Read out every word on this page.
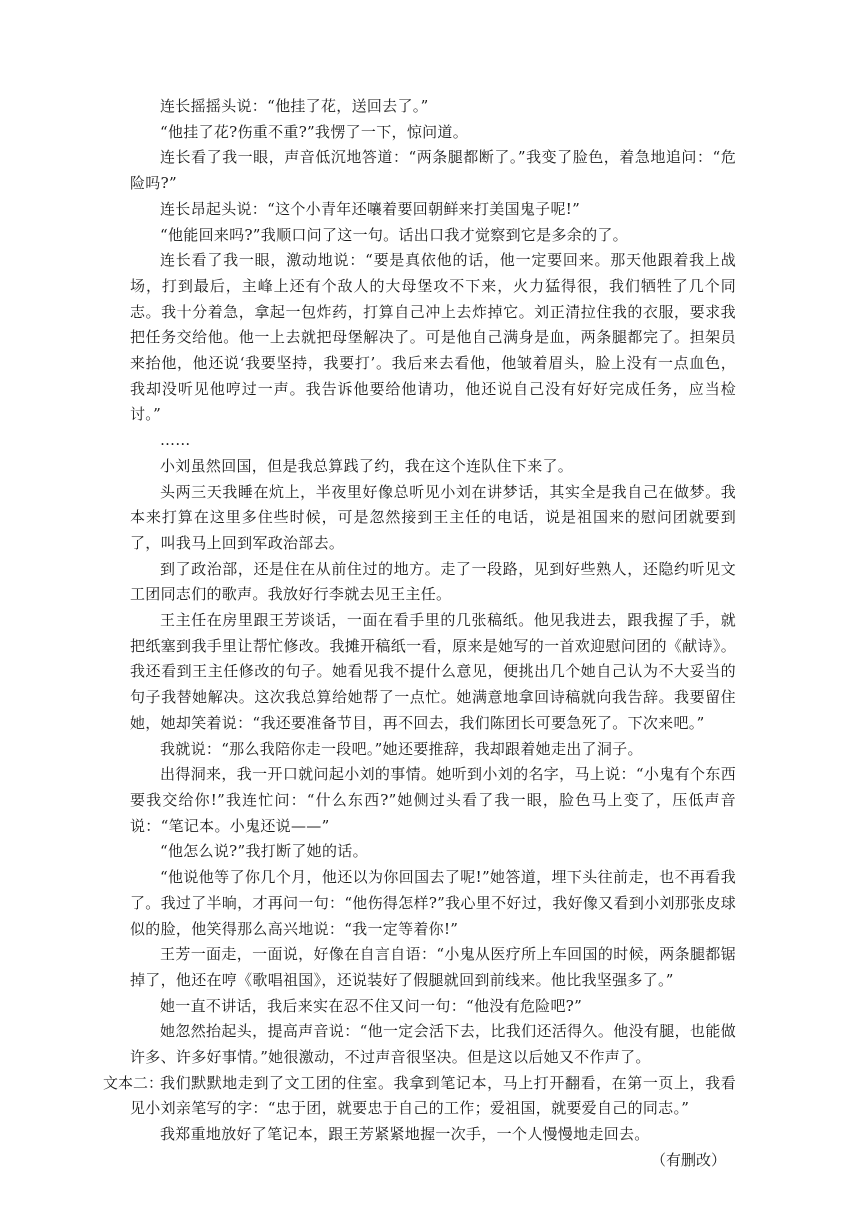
连长摇摇头说：“他挂了花，送回去了。”

“他挂了花?伤重不重?”我愣了一下，惊问道。

连长看了我一眼，声音低沉地答道：“两条腿都断了。”我变了脸色，着急地追问：“危险吗?”

连长昂起头说：“这个小青年还嚷着要回朝鲜来打美国鬼子呢!”

“他能回来吗?”我顺口问了这一句。话出口我才觉察到它是多余的了。

连长看了我一眼，激动地说：“要是真依他的话，他一定要回来。那天他跟着我上战场，打到最后，主峰上还有个敌人的大母堡攻不下来，火力猛得很，我们牺牲了几个同志。我十分着急，拿起一包炸药，打算自己冲上去炸掉它。刘正清拉住我的衣服，要求我把任务交给他。他一上去就把母堡解决了。可是他自己满身是血，两条腿都完了。担架员来抬他，他还说‘我要坚持，我要打’。我后来去看他，他皱着眉头，脸上没有一点血色，我却没听见他哼过一声。我告诉他要给他请功，他还说自己没有好好完成任务，应当检讨。”

……

小刘虽然回国，但是我总算践了约，我在这个连队住下来了。

头两三天我睡在炕上，半夜里好像总听见小刘在讲梦话，其实全是我自己在做梦。我本来打算在这里多住些时候，可是忽然接到王主任的电话，说是祖国来的慰问团就要到了，叫我马上回到军政治部去。

到了政治部，还是住在从前住过的地方。走了一段路，见到好些熟人，还隐约听见文工团同志们的歌声。我放好行李就去见王主任。

王主任在房里跟王芳谈话，一面在看手里的几张稿纸。他见我进去，跟我握了手，就把纸塞到我手里让帮忙修改。我摊开稿纸一看，原来是她写的一首欢迎慰问团的《献诗》。我还看到王主任修改的句子。她看见我不提什么意见，便挑出几个她自己认为不大妥当的句子我替她解决。这次我总算给她帮了一点忙。她满意地拿回诗稿就向我告辞。我要留住她，她却笑着说：“我还要准备节目，再不回去，我们陈团长可要急死了。下次来吧。”

我就说：“那么我陪你走一段吧。”她还要推辞，我却跟着她走出了洞子。

出得洞来，我一开口就问起小刘的事情。她听到小刘的名字，马上说：“小鬼有个东西要我交给你!”我连忙问：“什么东西?”她侧过头看了我一眼，脸色马上变了，压低声音说：“笔记本。小鬼还说——”

“他怎么说?”我打断了她的话。

“他说他等了你几个月，他还以为你回国去了呢!”她答道，埋下头往前走，也不再看我了。我过了半晌，才再问一句：“他伤得怎样?”我心里不好过，我好像又看到小刘那张皮球似的脸，他笑得那么高兴地说：“我一定等着你!”

王芳一面走，一面说，好像在自言自语：“小鬼从医疗所上车回国的时候，两条腿都锯掉了，他还在哼《歌唱祖国》，还说装好了假腿就回到前线来。他比我坚强多了。”

她一直不讲话，我后来实在忍不住又问一句：“他没有危险吧?”

她忽然抬起头，提高声音说：“他一定会活下去，比我们还活得久。他没有腿，也能做许多、许多好事情。”她很激动，不过声音很坚决。但是这以后她又不作声了。

我们默默地走到了文工团的住室。我拿到笔记本，马上打开翻看，在第一页上，我看见小刘亲笔写的字：“忠于团，就要忠于自己的工作；爱祖国，就要爱自己的同志。”

我郑重地放好了笔记本，跟王芳紧紧地握一次手，一个人慢慢地走回去。

（有删改）

文本二：
